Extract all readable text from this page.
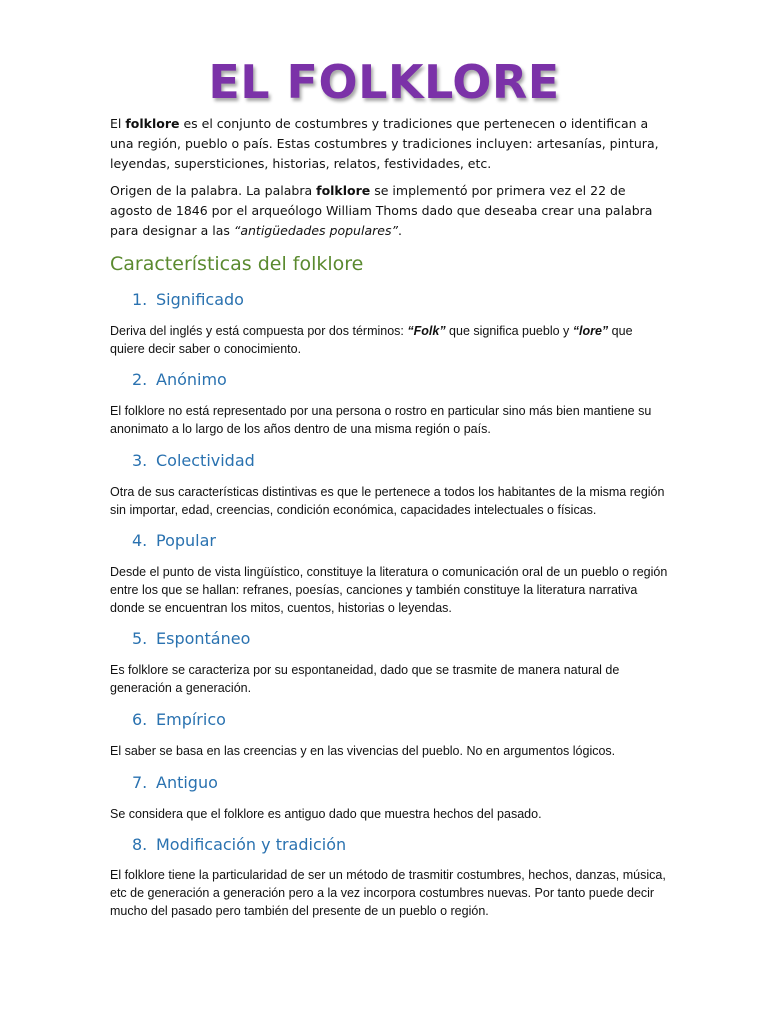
EL FOLKLORE

El folklore es el conjunto de costumbres y tradiciones que pertenecen o identifican a una región, pueblo o país. Estas costumbres y tradiciones incluyen: artesanías, pintura, leyendas, supersticiones, historias, relatos, festividades, etc.

Origen de la palabra. La palabra folklore se implementó por primera vez el 22 de agosto de 1846 por el arqueólogo William Thoms dado que deseaba crear una palabra para designar a las “antigüedades populares”.

Características del folklore
1. Significado

Deriva del inglés y está compuesta por dos términos: “Folk” que significa pueblo y “lore” que quiere decir saber o conocimiento.

2. Anónimo

El folklore no está representado por una persona o rostro en particular sino más bien mantiene su anonimato a lo largo de los años dentro de una misma región o país.

3. Colectividad

Otra de sus características distintivas es que le pertenece a todos los habitantes de la misma región sin importar, edad, creencias, condición económica, capacidades intelectuales o físicas.

4. Popular

Desde el punto de vista lingüístico, constituye la literatura o comunicación oral de un pueblo o región entre los que se hallan: refranes, poesías, canciones y también constituye la literatura narrativa donde se encuentran los mitos, cuentos, historias o leyendas.

5. Espontáneo

Es folklore se caracteriza por su espontaneidad, dado que se trasmite de manera natural de generación a generación.

6. Empírico

El saber se basa en las creencias y en las vivencias del pueblo. No en argumentos lógicos.

7. Antiguo

Se considera que el folklore es antiguo dado que muestra hechos del pasado.

8. Modificación y tradición

El folklore tiene la particularidad de ser un método de trasmitir costumbres, hechos, danzas, música, etc de generación a generación pero a la vez incorpora costumbres nuevas. Por tanto puede decir mucho del pasado pero también del presente de un pueblo o región.
